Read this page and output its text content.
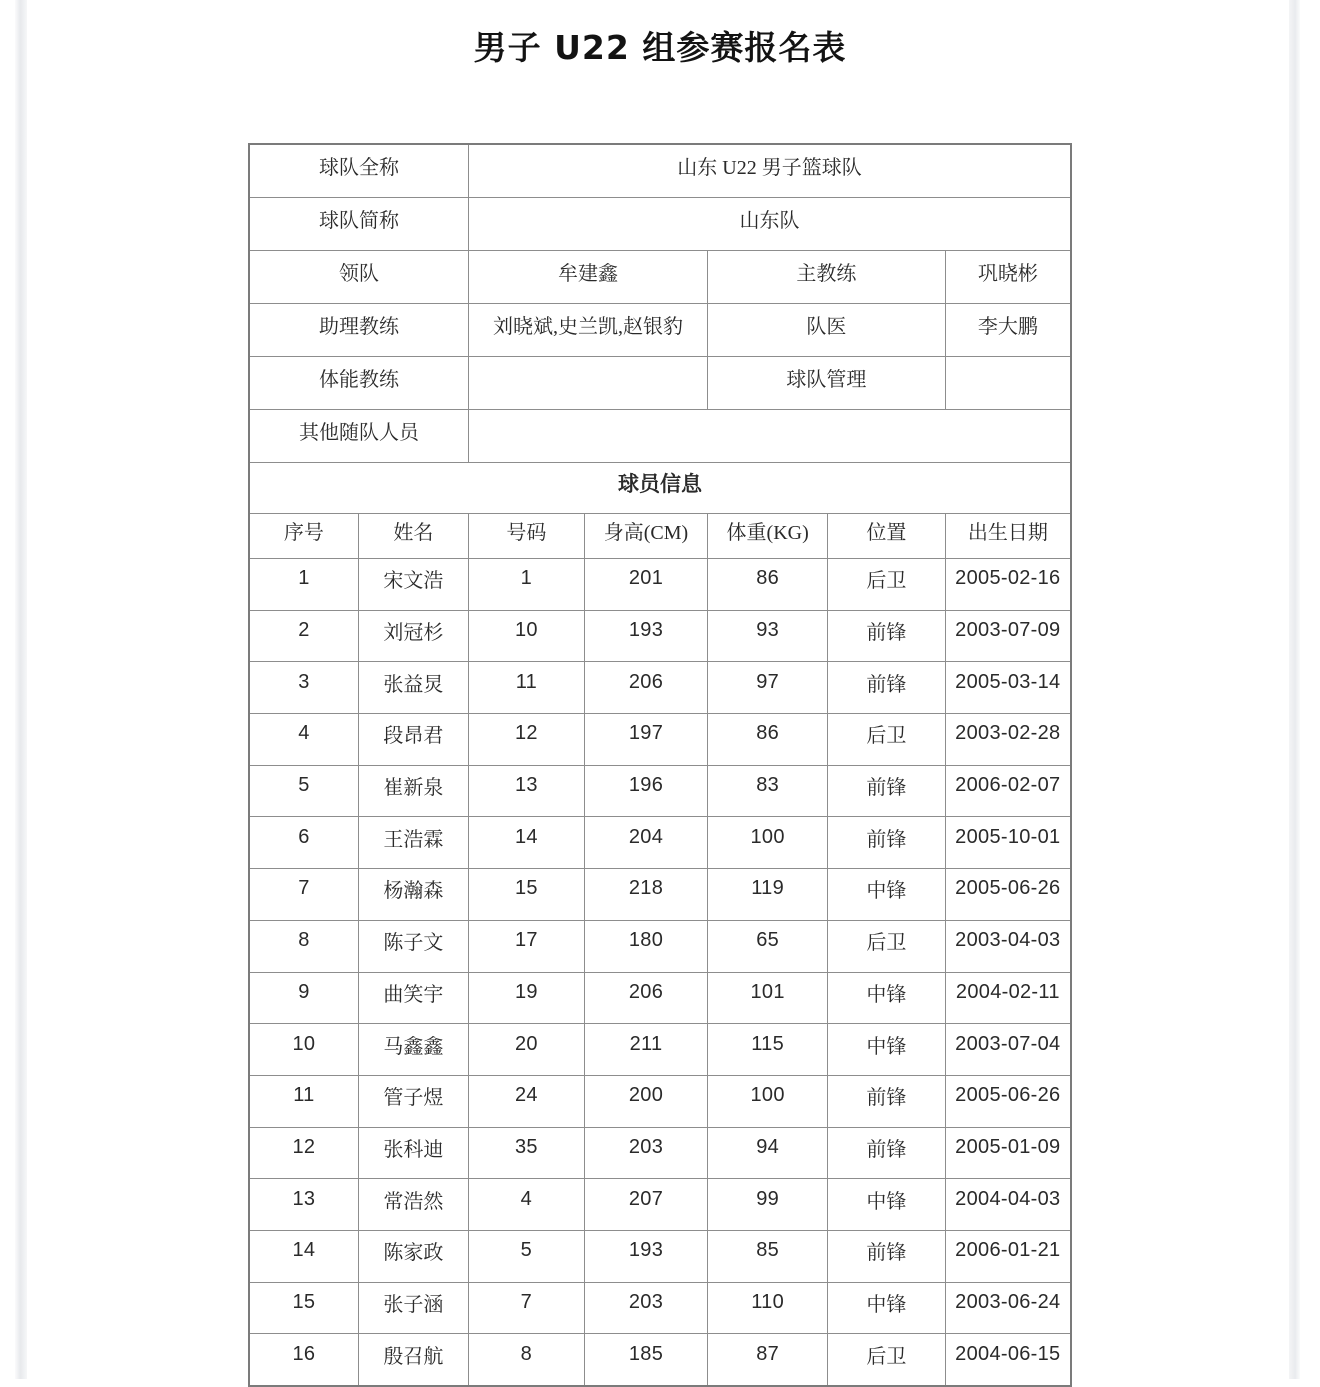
男子 U22 组参赛报名表
球队全称		山东 U22 男子篮球队				
球队简称		山东队				
领队		牟建鑫		主教练		巩晓彬
助理教练		刘晓斌,史兰凯,赵银豹		队医		李大鹏
体能教练				球队管理		
其他随队人员						
球员信息						
序号	姓名	号码	身高(CM)	体重(KG)	位置	出生日期
1	宋文浩	1	201	86	后卫	2005-02-16
2	刘冠杉	10	193	93	前锋	2003-07-09
3	张益炅	11	206	97	前锋	2005-03-14
4	段昂君	12	197	86	后卫	2003-02-28
5	崔新泉	13	196	83	前锋	2006-02-07
6	王浩霖	14	204	100	前锋	2005-10-01
7	杨瀚森	15	218	119	中锋	2005-06-26
8	陈子文	17	180	65	后卫	2003-04-03
9	曲笑宇	19	206	101	中锋	2004-02-11
10	马鑫鑫	20	211	115	中锋	2003-07-04
11	管子煜	24	200	100	前锋	2005-06-26
12	张科迪	35	203	94	前锋	2005-01-09
13	常浩然	4	207	99	中锋	2004-04-03
14	陈家政	5	193	85	前锋	2006-01-21
15	张子涵	7	203	110	中锋	2003-06-24
16	殷召航	8	185	87	后卫	2004-06-15
